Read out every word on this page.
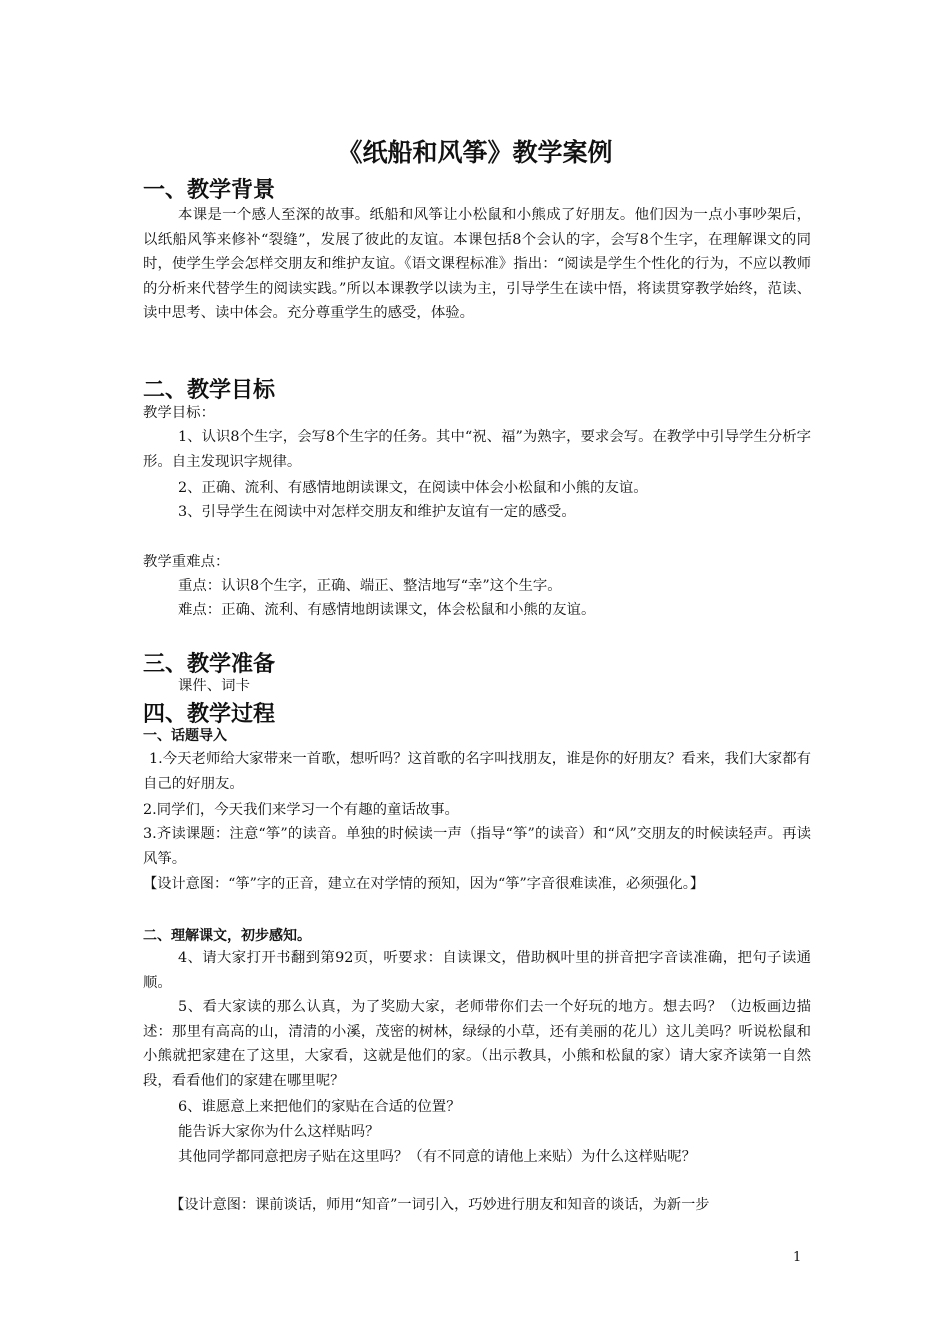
《纸船和风筝》教学案例
一、教学背景
本课是一个感人至深的故事。纸船和风筝让小松鼠和小熊成了好朋友。他们因为一点小事吵架后，以纸船风筝来修补“裂缝”，发展了彼此的友谊。本课包括8个会认的字，会写8个生字，在理解课文的同时，使学生学会怎样交朋友和维护友谊。《语文课程标准》指出：“阅读是学生个性化的行为，不应以教师的分析来代替学生的阅读实践。”所以本课教学以读为主，引导学生在读中悟，将读贯穿教学始终，范读、读中思考、读中体会。充分尊重学生的感受，体验。
二、教学目标
教学目标：
1、认识8个生字，会写8个生字的任务。其中“祝、福”为熟字，要求会写。在教学中引导学生分析字形。自主发现识字规律。
2、正确、流利、有感情地朗读课文，在阅读中体会小松鼠和小熊的友谊。
3、引导学生在阅读中对怎样交朋友和维护友谊有一定的感受。
教学重难点：
重点：认识8个生字，正确、端正、整洁地写“幸”这个生字。
难点：正确、流利、有感情地朗读课文，体会松鼠和小熊的友谊。
三、教学准备
课件、词卡
四、教学过程
一、话题导入
1.今天老师给大家带来一首歌，想听吗？这首歌的名字叫找朋友，谁是你的好朋友？看来，我们大家都有自己的好朋友。
2.同学们，今天我们来学习一个有趣的童话故事。
3.齐读课题：注意“筝”的读音。单独的时候读一声（指导“筝”的读音）和“风”交朋友的时候读轻声。再读风筝。
【设计意图：“筝”字的正音，建立在对学情的预知，因为“筝”字音很难读准，必须强化。】
二、理解课文，初步感知。
4、请大家打开书翻到第92页，听要求：自读课文，借助枫叶里的拼音把字音读准确，把句子读通顺。
5、看大家读的那么认真，为了奖励大家，老师带你们去一个好玩的地方。想去吗？（边板画边描述：那里有高高的山，清清的小溪，茂密的树林，绿绿的小草，还有美丽的花儿）这儿美吗？听说松鼠和小熊就把家建在了这里，大家看，这就是他们的家。（出示教具，小熊和松鼠的家）请大家齐读第一自然段，看看他们的家建在哪里呢？
6、谁愿意上来把他们的家贴在合适的位置？
能告诉大家你为什么这样贴吗？
其他同学都同意把房子贴在这里吗？（有不同意的请他上来贴）为什么这样贴呢？
【设计意图：课前谈话，师用“知音”一词引入，巧妙进行朋友和知音的谈话，为新一步
1
